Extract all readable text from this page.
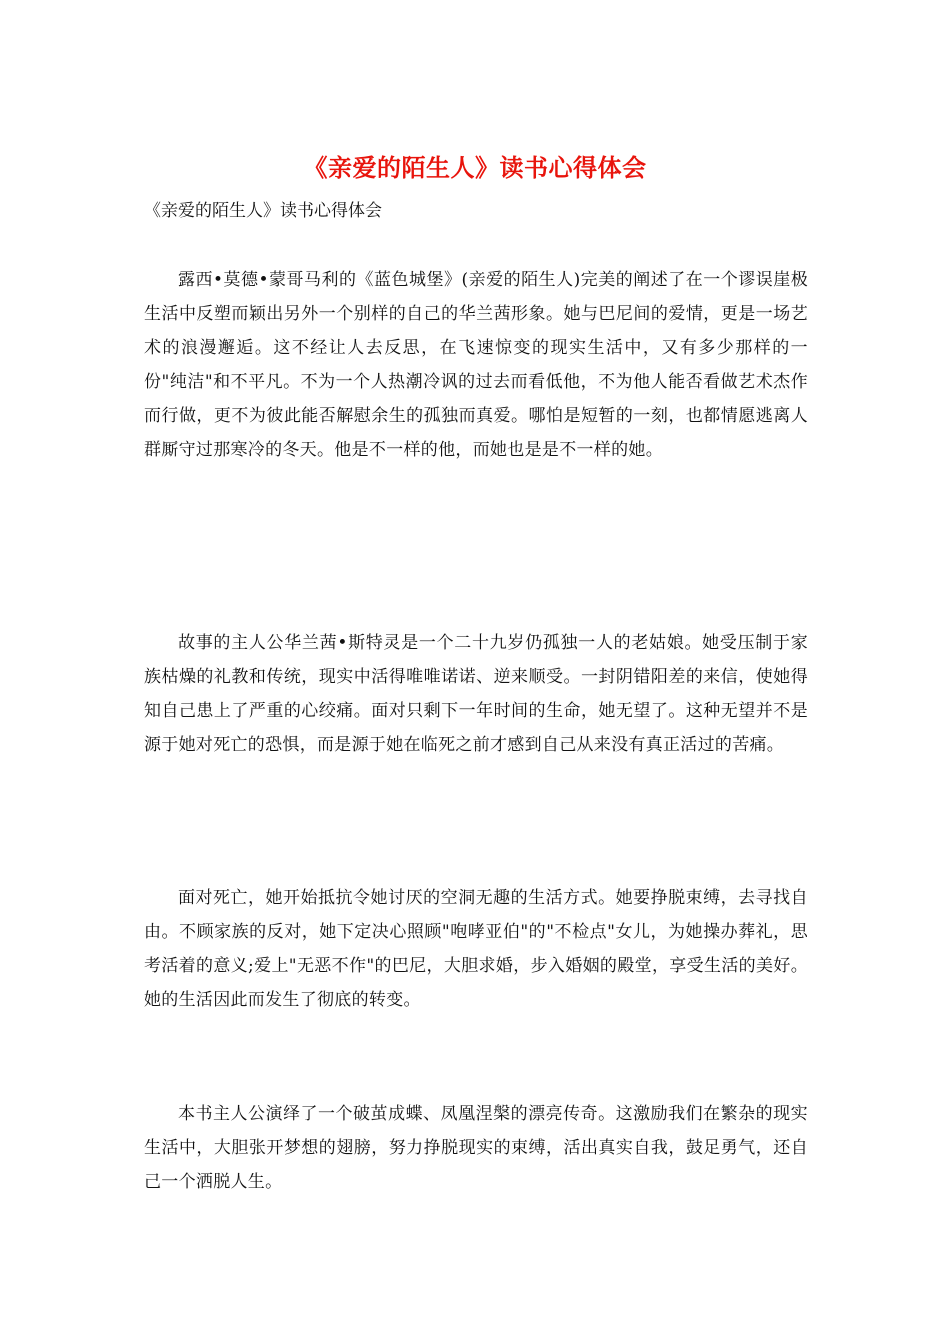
《亲爱的陌生人》读书心得体会
《亲爱的陌生人》读书心得体会

露西•莫德•蒙哥马利的《蓝色城堡》(亲爱的陌生人)完美的阐述了在一个谬误崖极生活中反塑而颖出另外一个别样的自己的华兰茜形象。她与巴尼间的爱情，更是一场艺术的浪漫邂逅。这不经让人去反思，在飞速惊变的现实生活中，又有多少那样的一份"纯洁"和不平凡。不为一个人热潮冷讽的过去而看低他，不为他人能否看做艺术杰作而行做，更不为彼此能否解慰余生的孤独而真爱。哪怕是短暂的一刻，也都情愿逃离人群厮守过那寒冷的冬天。他是不一样的他，而她也是是不一样的她。

故事的主人公华兰茜•斯特灵是一个二十九岁仍孤独一人的老姑娘。她受压制于家族枯燥的礼教和传统，现实中活得唯唯诺诺、逆来顺受。一封阴错阳差的来信，使她得知自己患上了严重的心绞痛。面对只剩下一年时间的生命，她无望了。这种无望并不是源于她对死亡的恐惧，而是源于她在临死之前才感到自己从来没有真正活过的苦痛。

面对死亡，她开始抵抗令她讨厌的空洞无趣的生活方式。她要挣脱束缚，去寻找自由。不顾家族的反对，她下定决心照顾"咆哮亚伯"的"不检点"女儿，为她操办葬礼，思考活着的意义;爱上"无恶不作"的巴尼，大胆求婚，步入婚姻的殿堂，享受生活的美好。她的生活因此而发生了彻底的转变。

本书主人公演绎了一个破茧成蝶、凤凰涅槃的漂亮传奇。这激励我们在繁杂的现实生活中，大胆张开梦想的翅膀，努力挣脱现实的束缚，活出真实自我，鼓足勇气，还自己一个洒脱人生。
